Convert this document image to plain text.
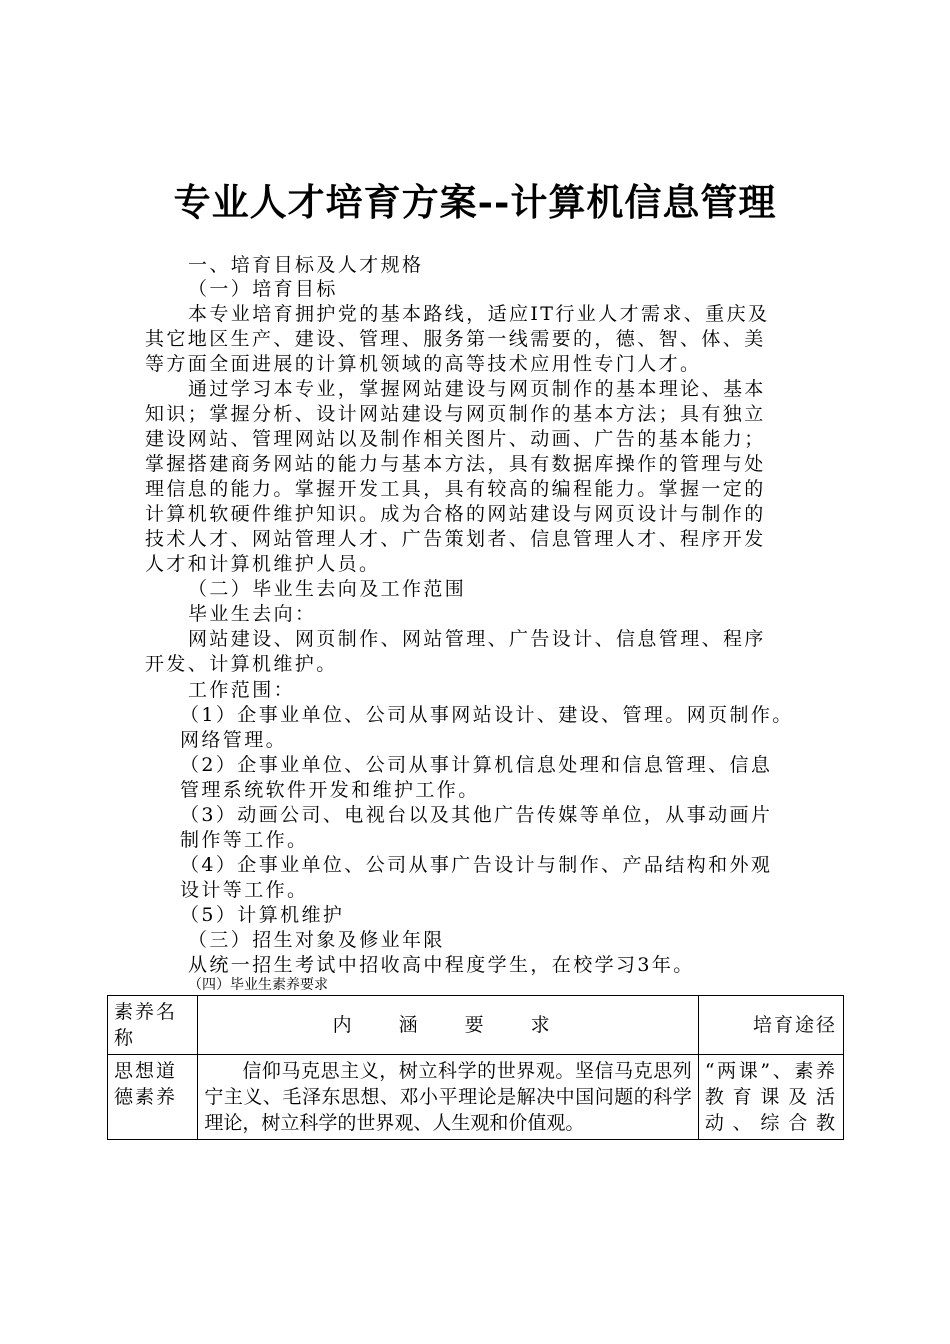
专业人才培育方案--计算机信息管理
一、培育目标及人才规格
（一）培育目标
本专业培育拥护党的基本路线，适应IT行业人才需求、重庆及
其它地区生产、建设、管理、服务第一线需要的，德、智、体、美
等方面全面进展的计算机领域的高等技术应用性专门人才。
通过学习本专业，掌握网站建设与网页制作的基本理论、基本
知识；掌握分析、设计网站建设与网页制作的基本方法；具有独立
建设网站、管理网站以及制作相关图片、动画、广告的基本能力；
掌握搭建商务网站的能力与基本方法，具有数据库操作的管理与处
理信息的能力。掌握开发工具，具有较高的编程能力。掌握一定的
计算机软硬件维护知识。成为合格的网站建设与网页设计与制作的
技术人才、网站管理人才、广告策划者、信息管理人才、程序开发
人才和计算机维护人员。
（二）毕业生去向及工作范围
毕业生去向：
网站建设、网页制作、网站管理、广告设计、信息管理、程序
开发、计算机维护。
工作范围：
（1）企事业单位、公司从事网站设计、建设、管理。网页制作。
网络管理。
（2）企事业单位、公司从事计算机信息处理和信息管理、信息
管理系统软件开发和维护工作。
（3）动画公司、电视台以及其他广告传媒等单位，从事动画片
制作等工作。
（4）企事业单位、公司从事广告设计与制作、产品结构和外观
设计等工作。
（5）计算机维护
（三）招生对象及修业年限
从统一招生考试中招收高中程度学生，在校学习3年。
（四）毕业生素养要求
素养名称	内　涵　要　求	培育途径
思想道德素养	信仰马克思主义，树立科学的世界观。坚信马克思列宁主义、毛泽东思想、邓小平理论是解决中国问题的科学理论，树立科学的世界观、人生观和价值观。	“两课”、素养教育课及活动、综合教
